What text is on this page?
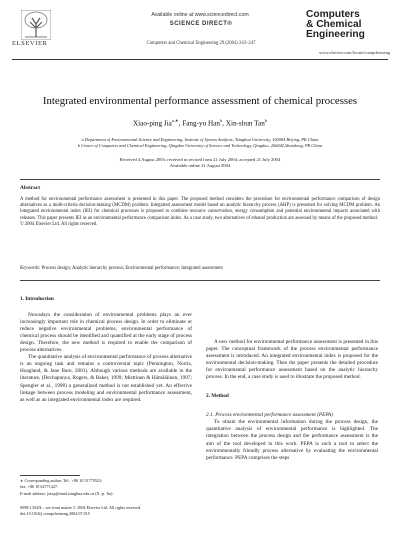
ELSEVIER
Available online at www.sciencedirect.com
SCIENCE DIRECT®
Computers and Chemical Engineering 29 (2004) 243–247
Computers
& Chemical
Engineering
www.elsevier.com/locate/compchemeng
Integrated environmental performance assessment of chemical processes
Xiao-ping Jia$^{a,∗}$, Fang-yu Han$^b$, Xin-shun Tan$^b$
a Department of Environmental Science and Engineering, Institute of System Analysis, Tsinghua University, 100084 Beijing, PR China
b Center of Computers and Chemical Engineering, Qingdao University of Science and Technology, Qingdao, 266042,Shandong, PR China
Received 4 August 2003; received in revised form 21 July 2004; accepted 21 July 2004
Available online 21 August 2004
Abstract
A method for environmental performance assessment is presented in this paper. The proposed method considers the procedure for environmental performance comparison of design alternatives as a multi-criteria decision-making (MCDM) problem. Integrated assessment model based on analytic hierarchy process (AHP) is presented for solving MCDM problem. An integrated environmental index (IEI) for chemical processes is proposed to combine resource conservation, energy consumption and potential environmental impacts associated with releases. This paper presents IEI as an environmental performance comparison index. As a case study, two alternatives of ethanol production are assessed by means of the proposed method.
© 2004 Elsevier Ltd. All rights reserved.
Keywords: Process design; Analytic hierarchy process; Environmental performance; Integrated assessment
1. Introduction

Nowadays the consideration of environmental problems plays an ever increasingly important role in chemical process design. In order to eliminate or reduce negative environmental problems, environmental performance of chemical process should be identified and quantified at the early stage of process design. Therefore, the new method is required to enable the comparison of process alternatives.

The quantitative analysis of environmental performance of process alternative is an ongoing task and remains a controversial topic (Pennington, Norris, Hoagland, & Jane Bare, 2001). Although various methods are available in the literature, (Dechapunya, Rogers, & Baker, 1999; Miettinen & Hämäläinen, 1997; Spengler et al., 1998) a generalized method is not established yet. An effective linkage between process modeling and environmental performance assessment, as well as an integrated environmental index are required.

A new method for environmental performance assessment is presented in this paper. The conceptual framework of the process environmental performance assessment is introduced. An integrated environmental index is proposed for the environmental decision-making. Then the paper presents the detailed procedure for environmental performance assessment based on the analytic hierarchy process. In the end, a case study is used to illustrate the proposed method.

2. Method

2.1. Process environmental performance assessment (PEPA)

To obtain the environmental information during the process design, the quantitative analysis of environmental performance is highlighted. The integration between the process design and the performance assessment is the aim of the tool developed in this work. PEPA is such a tool to select the environmentally friendly process alternative by evaluating the environmental performance. PEPA comprises the steps

∗ Corresponding author. Tel.: +86 10 51779523;
fax: +86 10 62771427.
E-mail address: jiaxp@mail.tsinghua.edu.cn (X.-p. Jia).
0098-1354/$ – see front matter © 2004 Elsevier Ltd. All rights reserved.
doi:10.1016/j.compchemeng.2004.07.015
